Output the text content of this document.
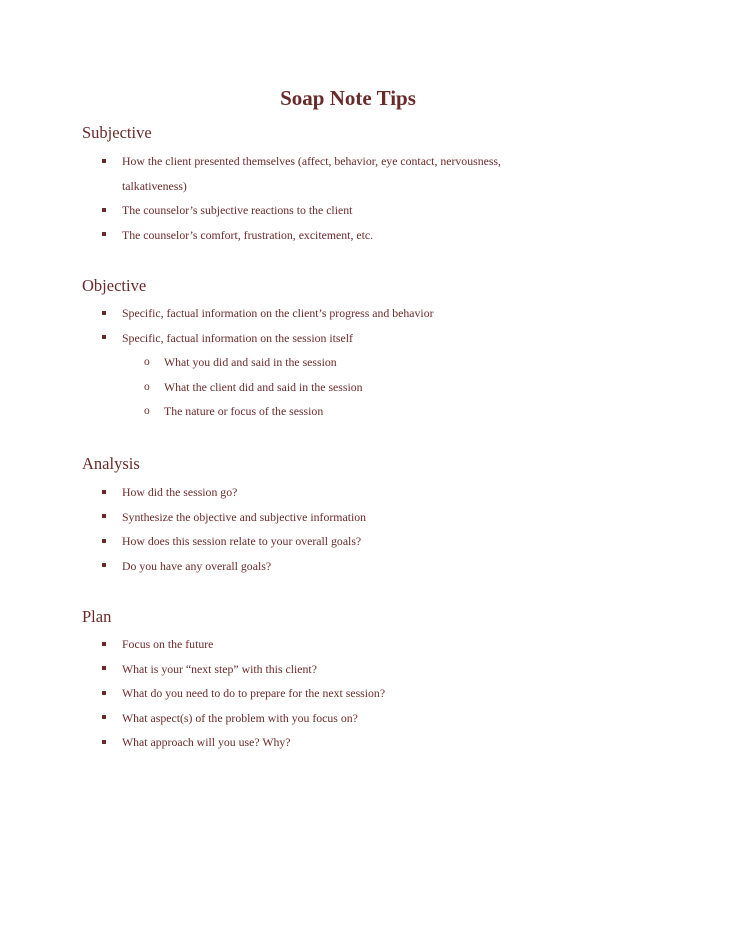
Soap Note Tips
Subjective
How the client presented themselves (affect, behavior, eye contact, nervousness,
talkativeness)
The counselor’s subjective reactions to the client
The counselor’s comfort, frustration, excitement, etc.
Objective
Specific, factual information on the client’s progress and behavior
Specific, factual information on the session itself
o What you did and said in the session
o What the client did and said in the session
o The nature or focus of the session
Analysis
How did the session go?
Synthesize the objective and subjective information
How does this session relate to your overall goals?
Do you have any overall goals?
Plan
Focus on the future
What is your “next step” with this client?
What do you need to do to prepare for the next session?
What aspect(s) of the problem with you focus on?
What approach will you use? Why?
